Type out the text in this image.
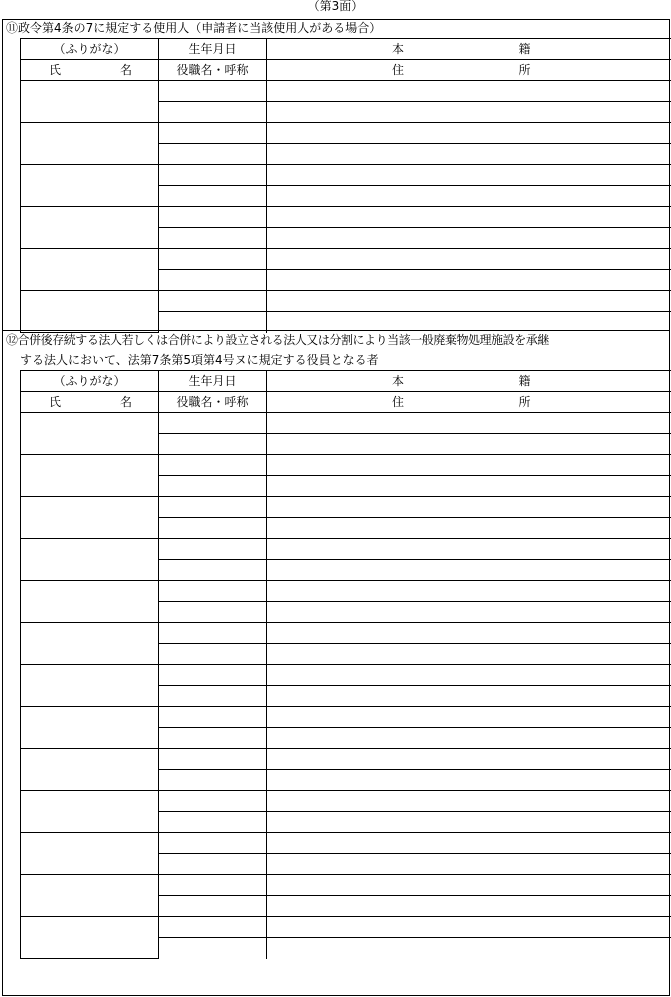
（第3面）
⑪政令第4条の7に規定する使用人（申請者に当該使用人がある場合）
（ふりがな）	生年月日	本 籍

氏 名	役職名・呼称	住 所

⑫合併後存続する法人若しくは合併により設立される法人又は分割により当該一般廃棄物処理施設を承継
する法人において、法第7条第5項第4号ヌに規定する役員となる者
（ふりがな）	生年月日	本 籍

氏 名	役職名・呼称	住 所
